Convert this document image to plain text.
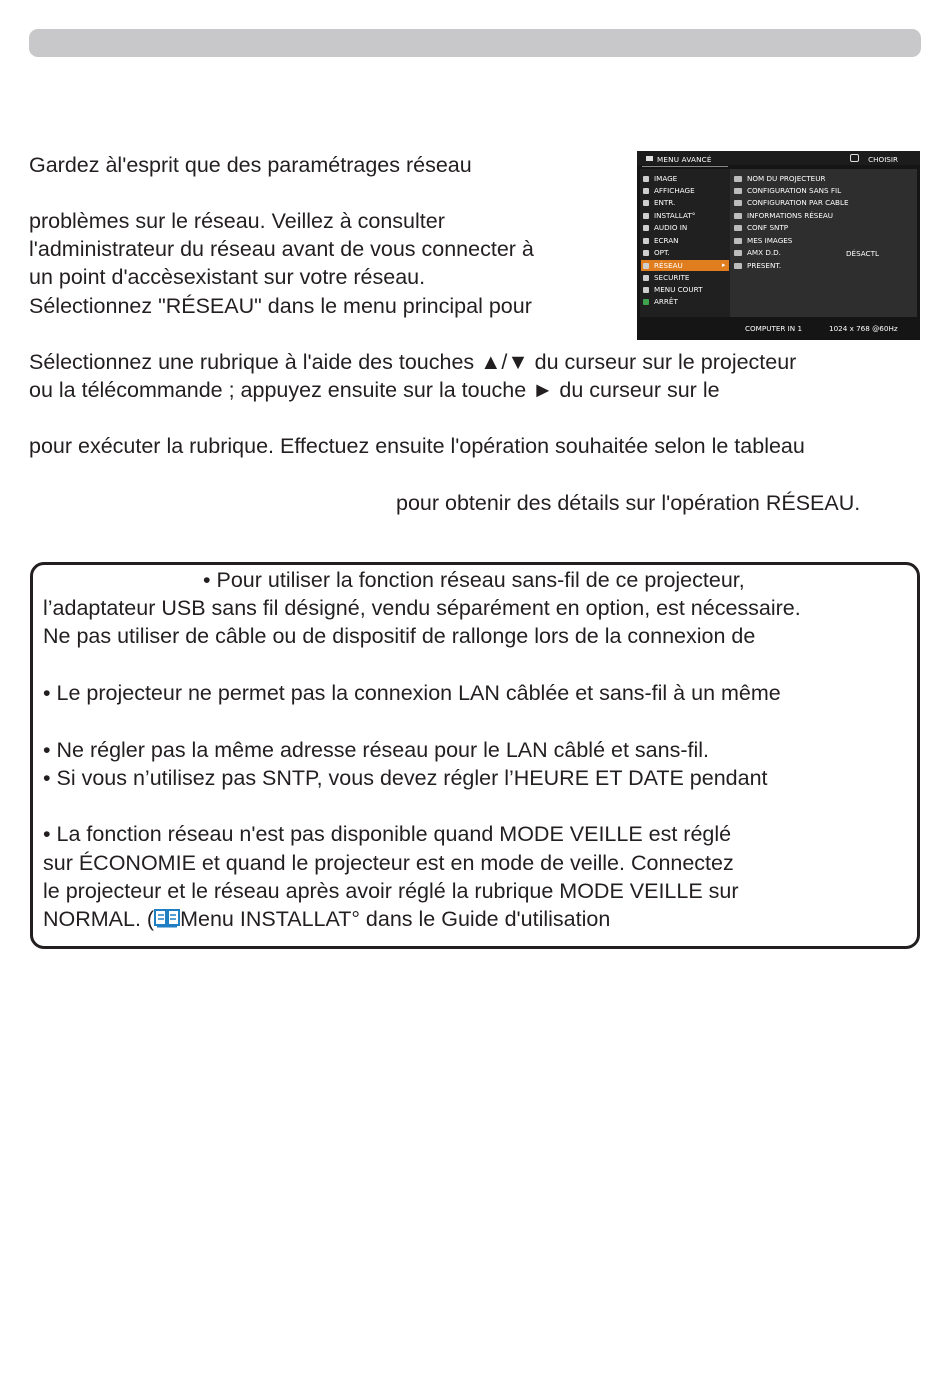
Gardez àl'esprit que des paramétrages réseau
problèmes sur le réseau. Veillez à consulter
l'administrateur du réseau avant de vous connecter à
un point d'accèsexistant sur votre réseau.
Sélectionnez "RÉSEAU" dans le menu principal pour
MENU AVANCÉ	CHOISIR
▸
IMAGE
AFFICHAGE
ENTR.
INSTALLAT°
AUDIO IN
ECRAN
OPT.
RÉSEAU
SECURITE
MENU COURT
ARRÊT
NOM DU PROJECTEUR
CONFIGURATION SANS FIL
CONFIGURATION PAR CABLE
INFORMATIONS RÉSEAU
CONF SNTP
MES IMAGES
AMX D.D.
PRESENT.
DÉSACTL
COMPUTER IN 1	1024 x 768 @60Hz
Sélectionnez une rubrique à l'aide des touches ▲/▼ du curseur sur le projecteur
ou la télécommande ; appuyez ensuite sur la touche ► du curseur sur le
pour exécuter la rubrique. Effectuez ensuite l'opération souhaitée selon le tableau
pour obtenir des détails sur l'opération RÉSEAU.
• Pour utiliser la fonction réseau sans-fil de ce projecteur,
l’adaptateur USB sans fil désigné, vendu séparément en option, est nécessaire.
Ne pas utiliser de câble ou de dispositif de rallonge lors de la connexion de
• Le projecteur ne permet pas la connexion LAN câblée et sans-fil à un même
• Ne régler pas la même adresse réseau pour le LAN câblé et sans-fil.
• Si vous n’utilisez pas SNTP, vous devez régler l’HEURE ET DATE pendant
• La fonction réseau n'est pas disponible quand MODE VEILLE est réglé
sur ÉCONOMIE et quand le projecteur est en mode de veille. Connectez
le projecteur et le réseau après avoir réglé la rubrique MODE VEILLE sur
NORMAL. ( Menu INSTALLAT° dans le Guide d'utilisation
